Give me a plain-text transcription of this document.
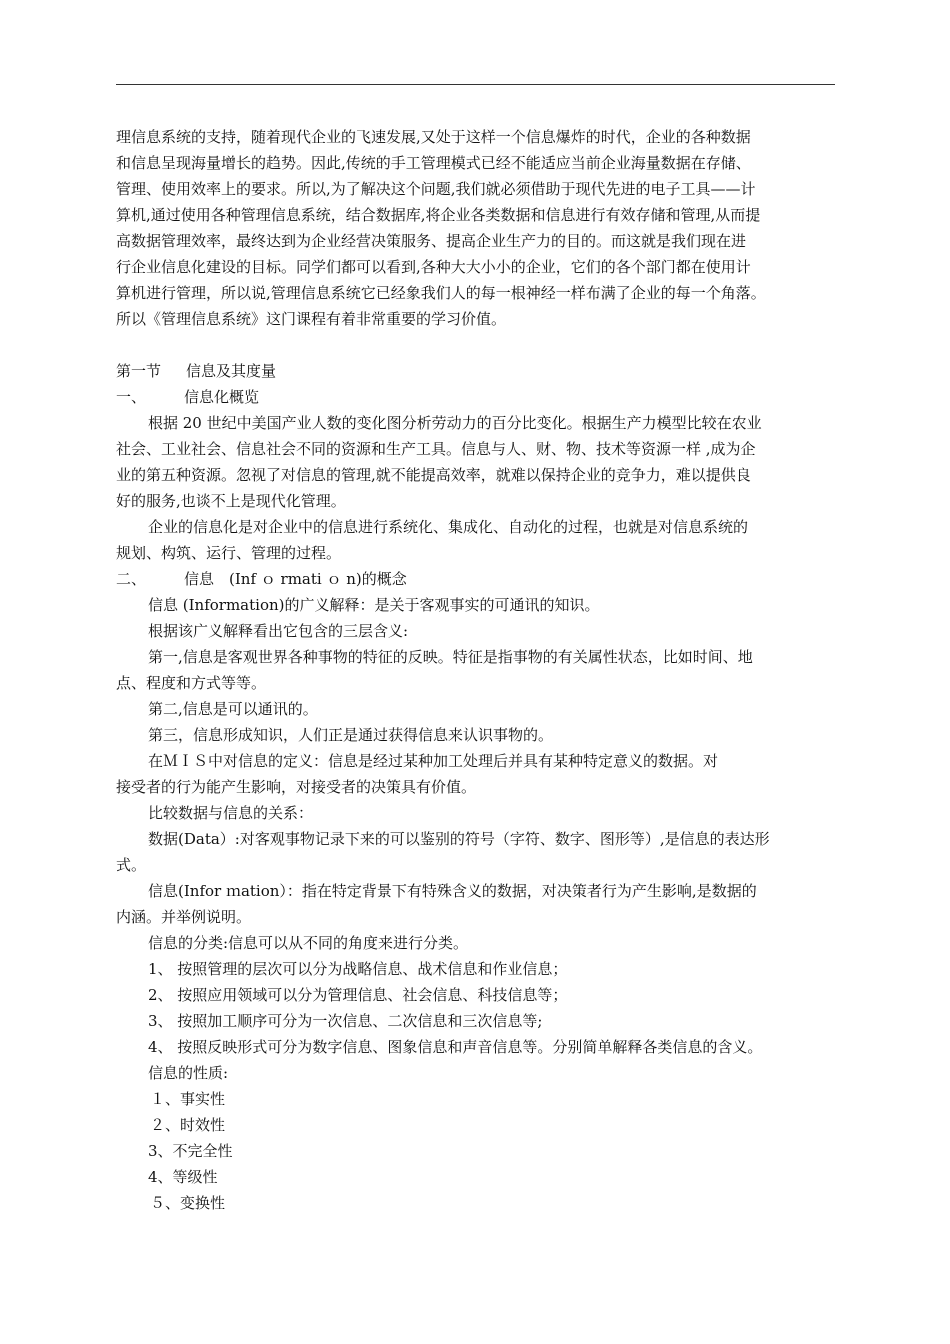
理信息系统的支持，随着现代企业的飞速发展,又处于这样一个信息爆炸的时代，企业的各种数据
和信息呈现海量增长的趋势。因此,传统的手工管理模式已经不能适应当前企业海量数据在存储、
管理、使用效率上的要求。所以,为了解决这个问题,我们就必须借助于现代先进的电子工具——计
算机,通过使用各种管理信息系统，结合数据库,将企业各类数据和信息进行有效存储和管理,从而提
高数据管理效率，最终达到为企业经营决策服务、提高企业生产力的目的。而这就是我们现在进
行企业信息化建设的目标。同学们都可以看到,各种大大小小的企业，它们的各个部门都在使用计
算机进行管理，所以说,管理信息系统它已经象我们人的每一根神经一样布满了企业的每一个角落。
所以《管理信息系统》这门课程有着非常重要的学习价值。
第一节 信息及其度量
一、	信息化概览
根据 20 世纪中美国产业人数的变化图分析劳动力的百分比变化。根据生产力模型比较在农业
社会、工业社会、信息社会不同的资源和生产工具。信息与人、财、物、技术等资源一样 ,成为企
业的第五种资源。忽视了对信息的管理,就不能提高效率，就难以保持企业的竞争力，难以提供良
好的服务,也谈不上是现代化管理。
企业的信息化是对企业中的信息进行系统化、集成化、自动化的过程，也就是对信息系统的
规划、构筑、运行、管理的过程。
二、	信息　(Inf ｏ rmati ｏ n)的概念
信息 (Information)的广义解释：是关于客观事实的可通讯的知识。
根据该广义解释看出它包含的三层含义:
第一,信息是客观世界各种事物的特征的反映。特征是指事物的有关属性状态，比如时间、地
点、程度和方式等等。
第二,信息是可以通讯的。
第三，信息形成知识，人们正是通过获得信息来认识事物的。
在ＭＩＳ中对信息的定义：信息是经过某种加工处理后并具有某种特定意义的数据。对
接受者的行为能产生影响，对接受者的决策具有价值。
比较数据与信息的关系：
数据(Data）:对客观事物记录下来的可以鉴别的符号（字符、数字、图形等）,是信息的表达形
式。
信息(Infor ｍation）：指在特定背景下有特殊含义的数据，对决策者行为产生影响,是数据的
内涵。并举例说明。
信息的分类:信息可以从不同的角度来进行分类。
1、 按照管理的层次可以分为战略信息、战术信息和作业信息；
2、 按照应用领域可以分为管理信息、社会信息、科技信息等；
3、 按照加工顺序可分为一次信息、二次信息和三次信息等;
4、 按照反映形式可分为数字信息、图象信息和声音信息等。分别简单解释各类信息的含义。
信息的性质:
１、事实性
２、时效性
3、不完全性
4、等级性
５、变换性
